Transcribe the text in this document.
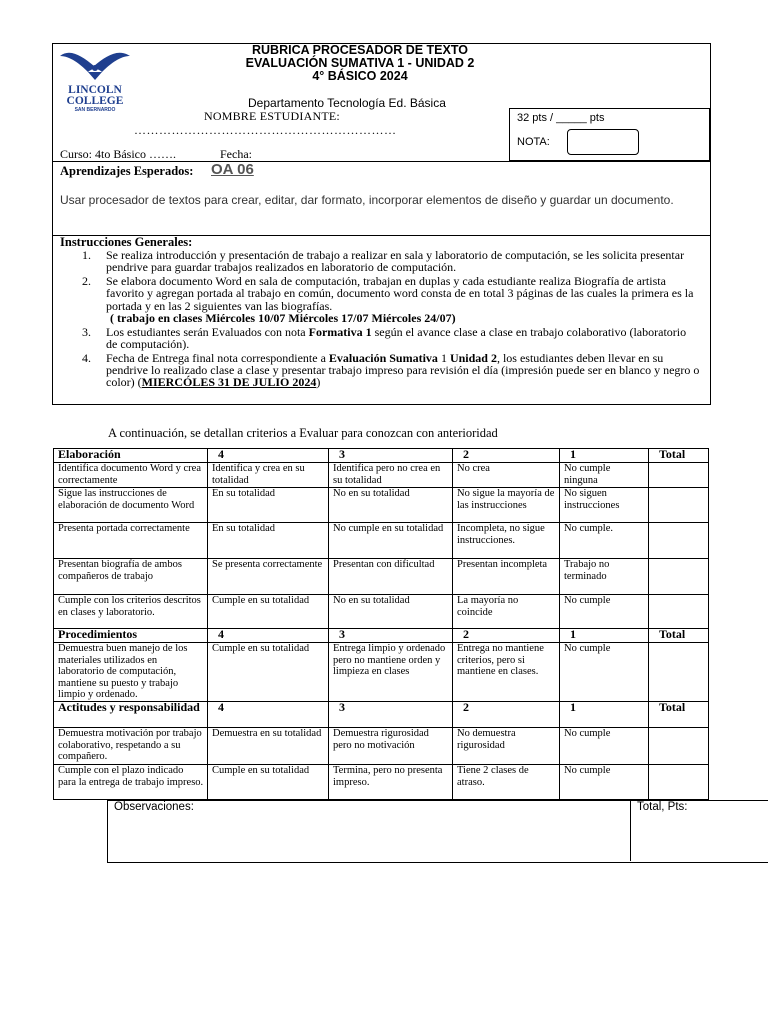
LINCOLN
COLLEGE
SAN BERNARDO
RUBRICA PROCESADOR DE TEXTO
EVALUACIÓN SUMATIVA 1 - UNIDAD 2
4° BÁSICO 2024
Departamento Tecnología Ed. Básica
NOMBRE ESTUDIANTE:
………………………………………………………
Curso: 4to Básico …….	Fecha:
32 pts / _____ pts
NOTA:
Aprendizajes Esperados: OA 06
Usar procesador de textos para crear, editar, dar formato, incorporar elementos de diseño y guardar un documento.
Instrucciones Generales:
1. Se realiza introducción y presentación de trabajo a realizar en sala y laboratorio de computación, se les solicita presentar pendrive para guardar trabajos realizados en laboratorio de computación.
2. Se elabora documento Word en sala de computación, trabajan en duplas y cada estudiante realiza Biografía de artista favorito y agregan portada al trabajo en común, documento word consta de en total 3 páginas de las cuales la primera es la portada y en las 2 siguientes van las biografías.
( trabajo en clases Miércoles 10/07 Miércoles 17/07 Miércoles 24/07)
3. Los estudiantes serán Evaluados con nota Formativa 1 según el avance clase a clase en trabajo colaborativo (laboratorio de computación).
4. Fecha de Entrega final nota correspondiente a Evaluación Sumativa 1 Unidad 2, los estudiantes deben llevar en su pendrive lo realizado clase a clase y presentar trabajo impreso para revisión el día (impresión puede ser en blanco y negro o color) (MIERCÓLES 31 DE JULIO 2024)
A continuación, se detallan criterios a Evaluar para conozcan con anterioridad
Elaboración	4	3	2	1	Total
Identifica documento Word y crea correctamente	Identifica y crea en su totalidad	Identifica pero no crea en su totalidad	No crea	No cumple ninguna	
Sigue las instrucciones de elaboración de documento Word	En su totalidad	No en su totalidad	No sigue la mayoría de las instrucciones	No siguen instrucciones	
Presenta portada correctamente	En su totalidad	No cumple en su totalidad	Incompleta, no sigue instrucciones.	No cumple.	
Presentan biografía de ambos compañeros de trabajo	Se presenta correctamente	Presentan con dificultad	Presentan incompleta	Trabajo no terminado	
Cumple con los criterios descritos en clases y laboratorio.	Cumple en su totalidad	No en su totalidad	La mayoría no coincide	No cumple	
Procedimientos	4	3	2	1	Total
Demuestra buen manejo de los materiales utilizados en laboratorio de computación, mantiene su puesto y trabajo limpio y ordenado.	Cumple en su totalidad	Entrega limpio y ordenado pero no mantiene orden y limpieza en clases	Entrega no mantiene criterios, pero si mantiene en clases.	No cumple	
Actitudes y responsabilidad	4	3	2	1	Total
Demuestra motivación por trabajo colaborativo, respetando a su compañero.	Demuestra en su totalidad	Demuestra rigurosidad pero no motivación	No demuestra rigurosidad	No cumple	
Cumple con el plazo indicado para la entrega de trabajo impreso.	Cumple en su totalidad	Termina, pero no presenta impreso.	Tiene 2 clases de atraso.	No cumple	
Observaciones:	Total, Pts:
